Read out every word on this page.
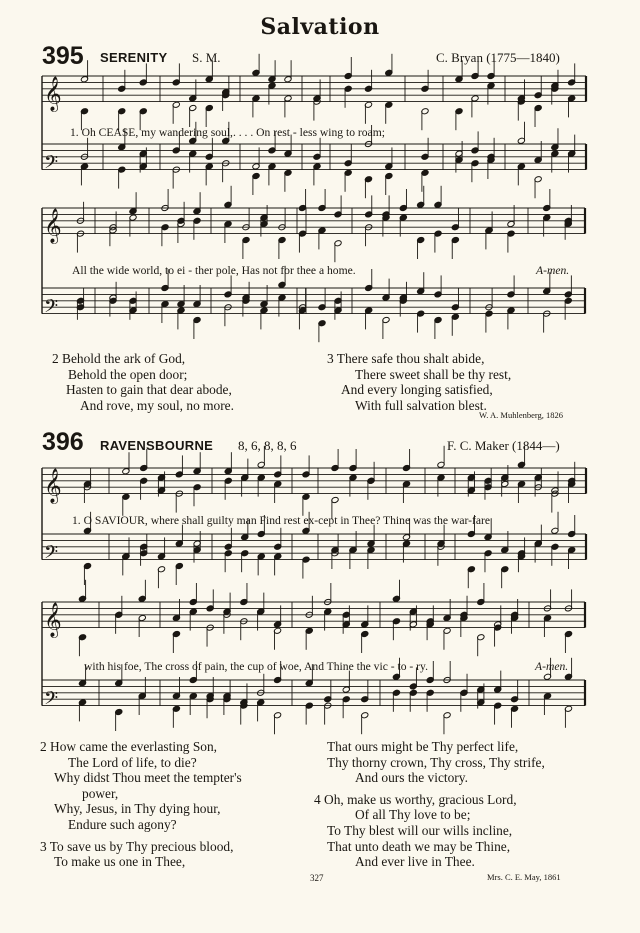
Salvation
395 SERENITY S. M.	C. Bryan (1775—1840)
𝄞
𝄢
𝄞
𝄢
𝄞
𝄢
𝄞
𝄢
1. Oh CEASE, my wandering soul,. . . . On rest - less wing to roam;
All the wide world, to ei - ther pole, Has not for thee a home.	A-men.
2 Behold the ark of God,
Behold the open door;
Hasten to gain that dear abode,
And rove, my soul, no more.
3 There safe thou shalt abide,
There sweet shall be thy rest,
And every longing satisfied,
With full salvation blest.
W. A. Muhlenberg, 1826
396 RAVENSBOURNE 8, 6, 8, 8, 6	F. C. Maker (1844—)
1. O SAVIOUR, where shall guilty man Find rest ex-cept in Thee? Thine was the war-fare
with his foe, The cross of pain, the cup of woe, And Thine the vic - to - ry.	A-men.
2 How came the everlasting Son,
The Lord of life, to die?
Why didst Thou meet the tempter's
power,
Why, Jesus, in Thy dying hour,
Endure such agony?
3 To save us by Thy precious blood,
To make us one in Thee,
That ours might be Thy perfect life,
Thy thorny crown, Thy cross, Thy strife,
And ours the victory.
4 Oh, make us worthy, gracious Lord,
Of all Thy love to be;
To Thy blest will our wills incline,
That unto death we may be Thine,
And ever live in Thee.
327	Mrs. C. E. May, 1861
